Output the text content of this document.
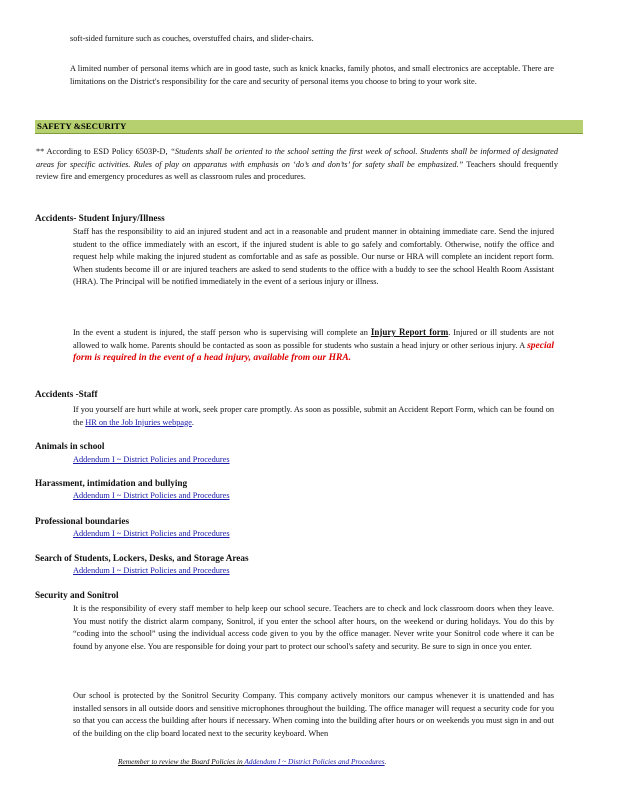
soft-sided furniture such as couches, overstuffed chairs, and slider-chairs.
A limited number of personal items which are in good taste, such as knick knacks, family photos, and small electronics are acceptable. There are limitations on the District's responsibility for the care and security of personal items you choose to bring to your work site.
SAFETY &SECURITY
** According to ESD Policy 6503P-D, “Students shall be oriented to the school setting the first week of school. Students shall be informed of designated areas for specific activities. Rules of play on apparatus with emphasis on ‘do’s and don’ts’ for safety shall be emphasized.” Teachers should frequently review fire and emergency procedures as well as classroom rules and procedures.
Accidents- Student Injury/Illness
Staff has the responsibility to aid an injured student and act in a reasonable and prudent manner in obtaining immediate care. Send the injured student to the office immediately with an escort, if the injured student is able to go safely and comfortably. Otherwise, notify the office and request help while making the injured student as comfortable and as safe as possible. Our nurse or HRA will complete an incident report form. When students become ill or are injured teachers are asked to send students to the office with a buddy to see the school Health Room Assistant (HRA). The Principal will be notified immediately in the event of a serious injury or illness.
In the event a student is injured, the staff person who is supervising will complete an Injury Report form. Injured or ill students are not allowed to walk home. Parents should be contacted as soon as possible for students who sustain a head injury or other serious injury. A special form is required in the event of a head injury, available from our HRA.
Accidents -Staff
If you yourself are hurt while at work, seek proper care promptly. As soon as possible, submit an Accident Report Form, which can be found on the HR on the Job Injuries webpage.
Animals in school
Addendum I ~ District Policies and Procedures
Harassment, intimidation and bullying
Addendum I ~ District Policies and Procedures
Professional boundaries
Addendum I ~ District Policies and Procedures
Search of Students, Lockers, Desks, and Storage Areas
Addendum I ~ District Policies and Procedures
Security and Sonitrol
It is the responsibility of every staff member to help keep our school secure. Teachers are to check and lock classroom doors when they leave. You must notify the district alarm company, Sonitrol, if you enter the school after hours, on the weekend or during holidays. You do this by “coding into the school” using the individual access code given to you by the office manager. Never write your Sonitrol code where it can be found by anyone else. You are responsible for doing your part to protect our school's safety and security. Be sure to sign in once you enter.
Our school is protected by the Sonitrol Security Company. This company actively monitors our campus whenever it is unattended and has installed sensors in all outside doors and sensitive microphones throughout the building. The office manager will request a security code for you so that you can access the building after hours if necessary. When coming into the building after hours or on weekends you must sign in and out of the building on the clip board located next to the security keyboard. When
Remember to review the Board Policies in Addendum I ~ District Policies and Procedures.
